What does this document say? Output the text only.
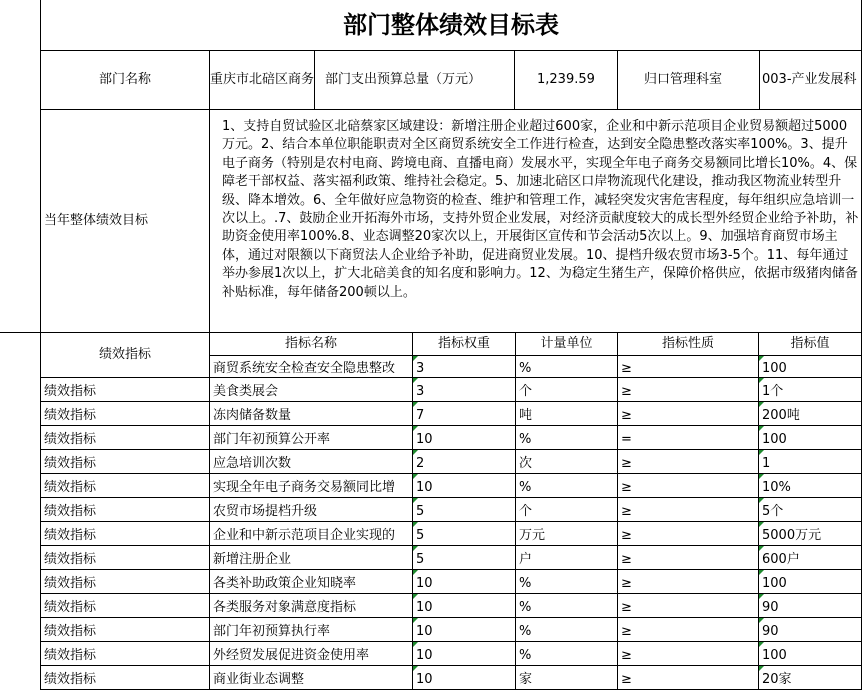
部门整体绩效目标表
部门名称	重庆市北碚区商务 部门支出预算总量（万元）	1,239.59	归口管理科室	003-产业发展科
当年整体绩效目标
1、支持自贸试验区北碚蔡家区域建设：新增注册企业超过600家，企业和中新示范项目企业贸易额超过5000万元。2、结合本单位职能职责对全区商贸系统安全工作进行检查，达到安全隐患整改落实率100%。3、提升电子商务（特别是农村电商、跨境电商、直播电商）发展水平，实现全年电子商务交易额同比增长10%。4、保障老干部权益、落实福利政策、维持社会稳定。5、加速北碚区口岸物流现代化建设，推动我区物流业转型升级、降本增效。6、全年做好应急物资的检查、维护和管理工作，减轻突发灾害危害程度，每年组织应急培训一次以上。.7、鼓励企业开拓海外市场，支持外贸企业发展，对经济贡献度较大的成长型外经贸企业给予补助，补助资金使用率100%.8、业态调整20家次以上，开展街区宣传和节会活动5次以上。9、加强培育商贸市场主体，通过对限额以下商贸法人企业给予补助，促进商贸业发展。10、提档升级农贸市场3-5个。11、每年通过举办参展1次以上，扩大北碚美食的知名度和影响力。12、为稳定生猪生产，保障价格供应，依据市级猪肉储备补贴标准，每年储备200顿以上。
绩效指标
指标名称	指标权重	计量单位	指标性质	指标值
商贸系统安全检查安全隐患整改	3	%	≥	100
绩效指标	美食类展会	3	个	≥	1个
绩效指标	冻肉储备数量	7	吨	≥	200吨
绩效指标	部门年初预算公开率	10	%	=	100
绩效指标	应急培训次数	2	次	≥	1
绩效指标	实现全年电子商务交易额同比增	10	%	≥	10%
绩效指标	农贸市场提档升级	5	个	≥	5个
绩效指标	企业和中新示范项目企业实现的	5	万元	≥	5000万元
绩效指标	新增注册企业	5	户	≥	600户
绩效指标	各类补助政策企业知晓率	10	%	≥	100
绩效指标	各类服务对象满意度指标	10	%	≥	90
绩效指标	部门年初预算执行率	10	%	≥	90
绩效指标	外经贸发展促进资金使用率	10	%	≥	100
绩效指标	商业街业态调整	10	家	≥	20家
